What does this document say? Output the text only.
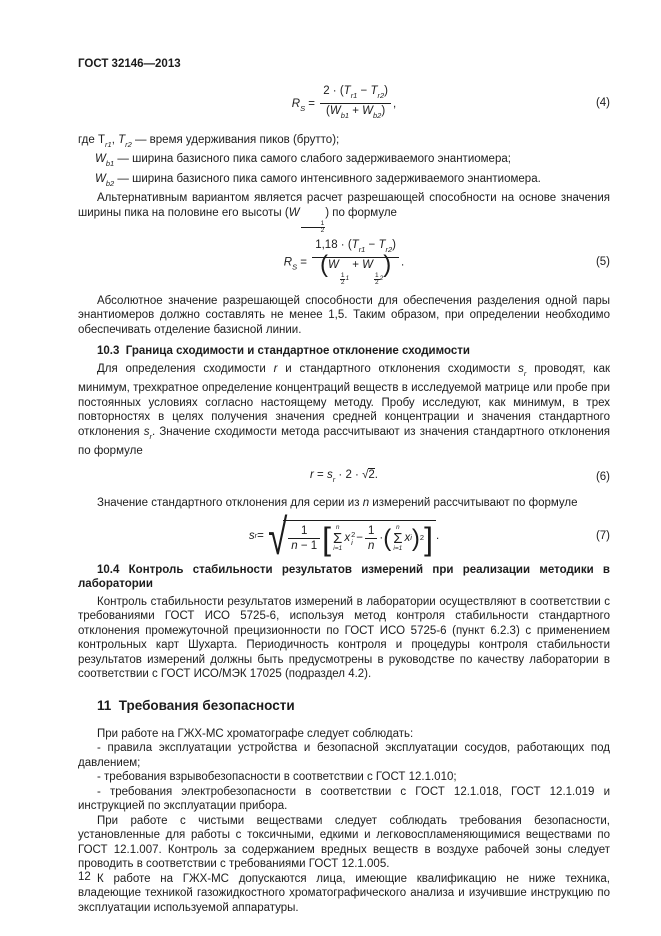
ГОСТ 32146—2013
$R_S = \frac{2 \cdot (T_{r1} - T_{r2})}{(W_{b1} + W_{b2})}$ ,	(4)

где $T_{r1}$, $T_{r2}$ — время удерживания пиков (брутто);

$W_{b1}$ — ширина базисного пика самого слабого задерживаемого энантиомера;

$W_{b2}$ — ширина базисного пика самого интенсивного задерживаемого энантиомера.

Альтернативным вариантом является расчет разрешающей способности на основе значения ширины пика на половине его высоты (W
$\frac{1}{2}$
) по формуле

$R_S = 1,18 \cdot (T_{r1} - T_{r2})$
(W
$\frac{1}{2} _1 + W$
$\frac{1}{2} _2$) .	(5)

Абсолютное значение разрешающей способности для обеспечения разделения одной пары энантиомеров должно составлять не менее 1,5. Таким образом, при определении необходимо обеспечивать отделение базисной линии.

10.3  Граница сходимости и стандартное отклонение сходимости

Для определения сходимости r и стандартного отклонения сходимости $s_r$ проводят, как минимум, трехкратное определение концентраций веществ в исследуемой матрице или пробе при постоянных условиях согласно настоящему методу. Пробу исследуют, как минимум, в трех повторностях в целях получения значения средней концентрации и значения стандартного отклонения $s_r$. Значение сходимости метода рассчитывают из значения стандартного отклонения по формуле

$r = s_r \cdot 2 \cdot √2$.	(6)

Значение стандартного отклонения для серии из n измерений рассчитывают по формуле

s r = √ $\frac{1}{n - 1}$ [ n
Σ
i=1
x 2
$i - \frac{1}{n}$ · ( n
Σ
i=1
x i ) 2 ] .	(7)
10.4 Контроль стабильности результатов измерений при реализации методики в лаборатории

Контроль стабильности результатов измерений в лаборатории осуществляют в соответствии с требованиями ГОСТ ИСО 5725-6, используя метод контроля стабильности стандартного отклонения промежуточной прецизионности по ГОСТ ИСО 5725-6 (пункт 6.2.3) с применением контрольных карт Шухарта. Периодичность контроля и процедуры контроля стабильности результатов измерений должны быть предусмотрены в руководстве по качеству лаборатории в соответствии с ГОСТ ИСО/МЭК 17025 (подраздел 4.2).

11  Требования безопасности

При работе на ГЖХ-МС хроматографе следует соблюдать:

- правила эксплуатации устройства и безопасной эксплуатации сосудов, работающих под давлением;

- требования взрывобезопасности в соответствии с ГОСТ 12.1.010;

- требования электробезопасности в соответствии с ГОСТ 12.1.018, ГОСТ 12.1.019 и инструкцией по эксплуатации прибора.

При работе с чистыми веществами следует соблюдать требования безопасности, установленные для работы с токсичными, едкими и легковоспламеняющимися веществами по ГОСТ 12.1.007. Контроль за содержанием вредных веществ в воздухе рабочей зоны следует проводить в соответствии с требованиями ГОСТ 12.1.005.

К работе на ГЖХ-МС допускаются лица, имеющие квалификацию не ниже техника, владеющие техникой газожидкостного хроматографического анализа и изучившие инструкцию по эксплуатации используемой аппаратуры.

12
